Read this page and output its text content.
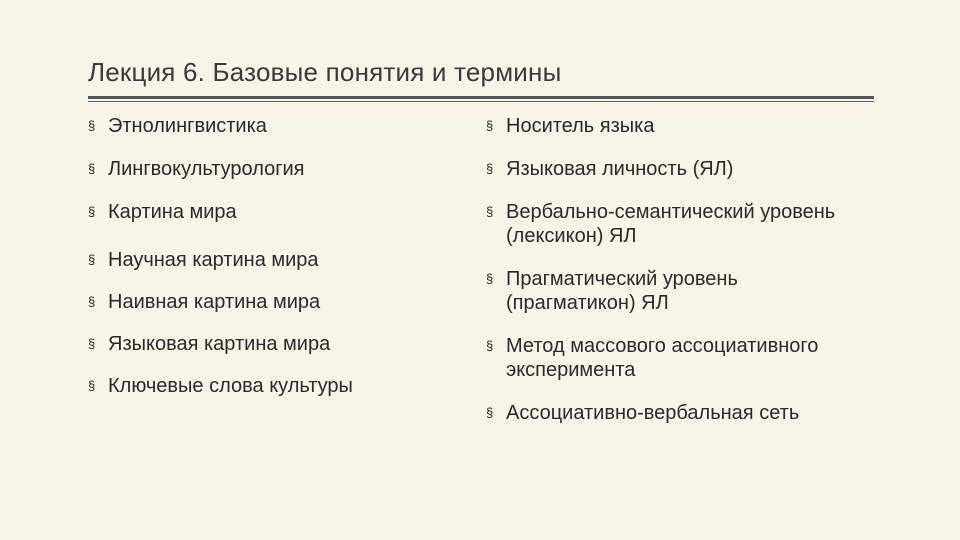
Лекция 6. Базовые понятия и термины
§ Этнолингвистика
§ Лингвокультурология
§ Картина мира
§ Научная картина мира
§ Наивная картина мира
§ Языковая картина мира
§ Ключевые слова культуры
§ Носитель языка
§ Языковая личность (ЯЛ)
§ Вербально-семантический уровень (лексикон) ЯЛ
§ Прагматический уровень (прагматикон) ЯЛ
§ Метод массового ассоциативного эксперимента
§ Ассоциативно-вербальная сеть
